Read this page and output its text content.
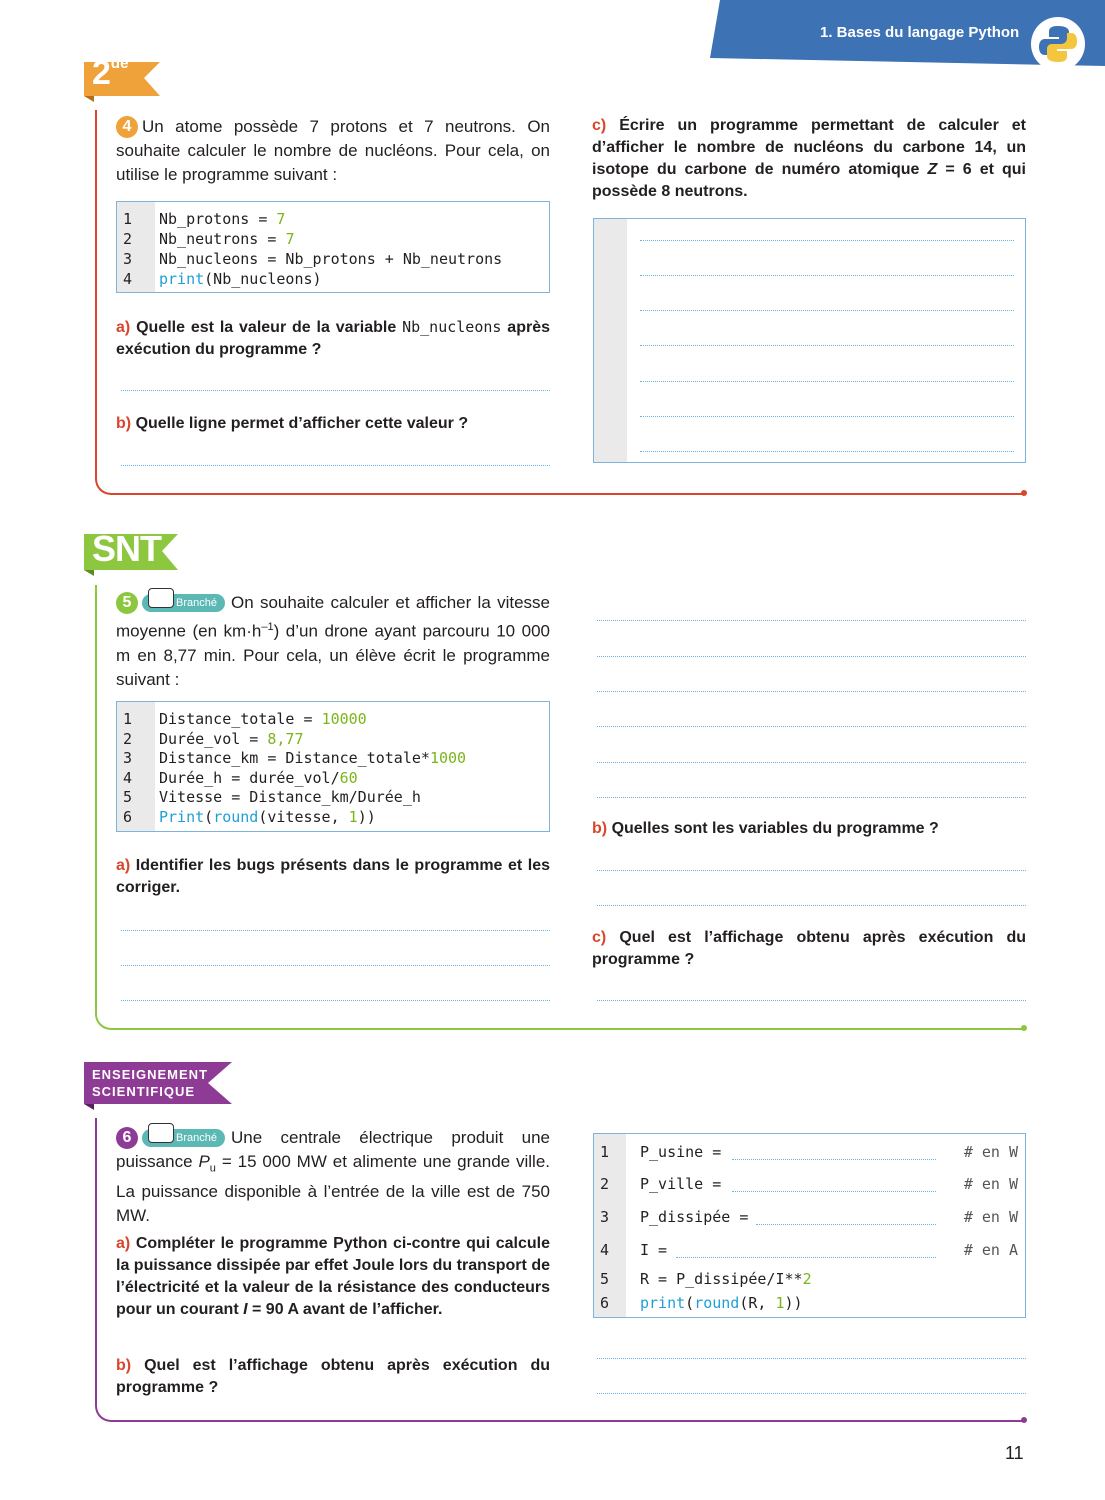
1. Bases du langage Python
2de
4 Un atome possède 7 protons et 7 neutrons. On souhaite calculer le nombre de nucléons. Pour cela, on utilise le programme suivant :
1 Nb_protons = 7
2 Nb_neutrons = 7
3 Nb_nucleons = Nb_protons + Nb_neutrons
4 print(Nb_nucleons)
a) Quelle est la valeur de la variable Nb_nucleons après exécution du programme ?
b) Quelle ligne permet d’afficher cette valeur ?
c) Écrire un programme permettant de calculer et d’afficher le nombre de nucléons du carbone 14, un isotope du carbone de numéro atomique Z = 6 et qui possède 8 neutrons.
SNT
5	Branché On souhaite calculer et afficher la vitesse moyenne (en $km\cdot h^{-1}$) d’un drone ayant parcouru 10 000 m en 8,77 min. Pour cela, un élève écrit le programme suivant :
1 Distance_totale = 10000
2 Durée_vol = 8,77
3 Distance_km = Distance_totale*1000
4 Durée_h = durée_vol/60
5 Vitesse = Distance_km/Durée_h
6 Print(round(vitesse, 1))
a) Identifier les bugs présents dans le programme et les corriger.
b) Quelles sont les variables du programme ?
c) Quel est l’affichage obtenu après exécution du programme ?
ENSEIGNEMENT
SCIENTIFIQUE
6	Branché Une centrale électrique produit une puissance $P_u = 15$ 000 MW et alimente une grande ville. La puissance disponible à l’entrée de la ville est de 750 MW.
a) Compléter le programme Python ci-contre qui calcule la puissance dissipée par effet Joule lors du transport de l’électricité et la valeur de la résistance des conducteurs pour un courant I = 90 A avant de l’afficher.
b) Quel est l’affichage obtenu après exécution du programme ?
1 P_usine =	# en W
2 P_ville =	# en W
3 P_dissipée =	# en W
4 I =	# en A
5 R = P_dissipée/I**2
6 print(round(R, 1))
11
